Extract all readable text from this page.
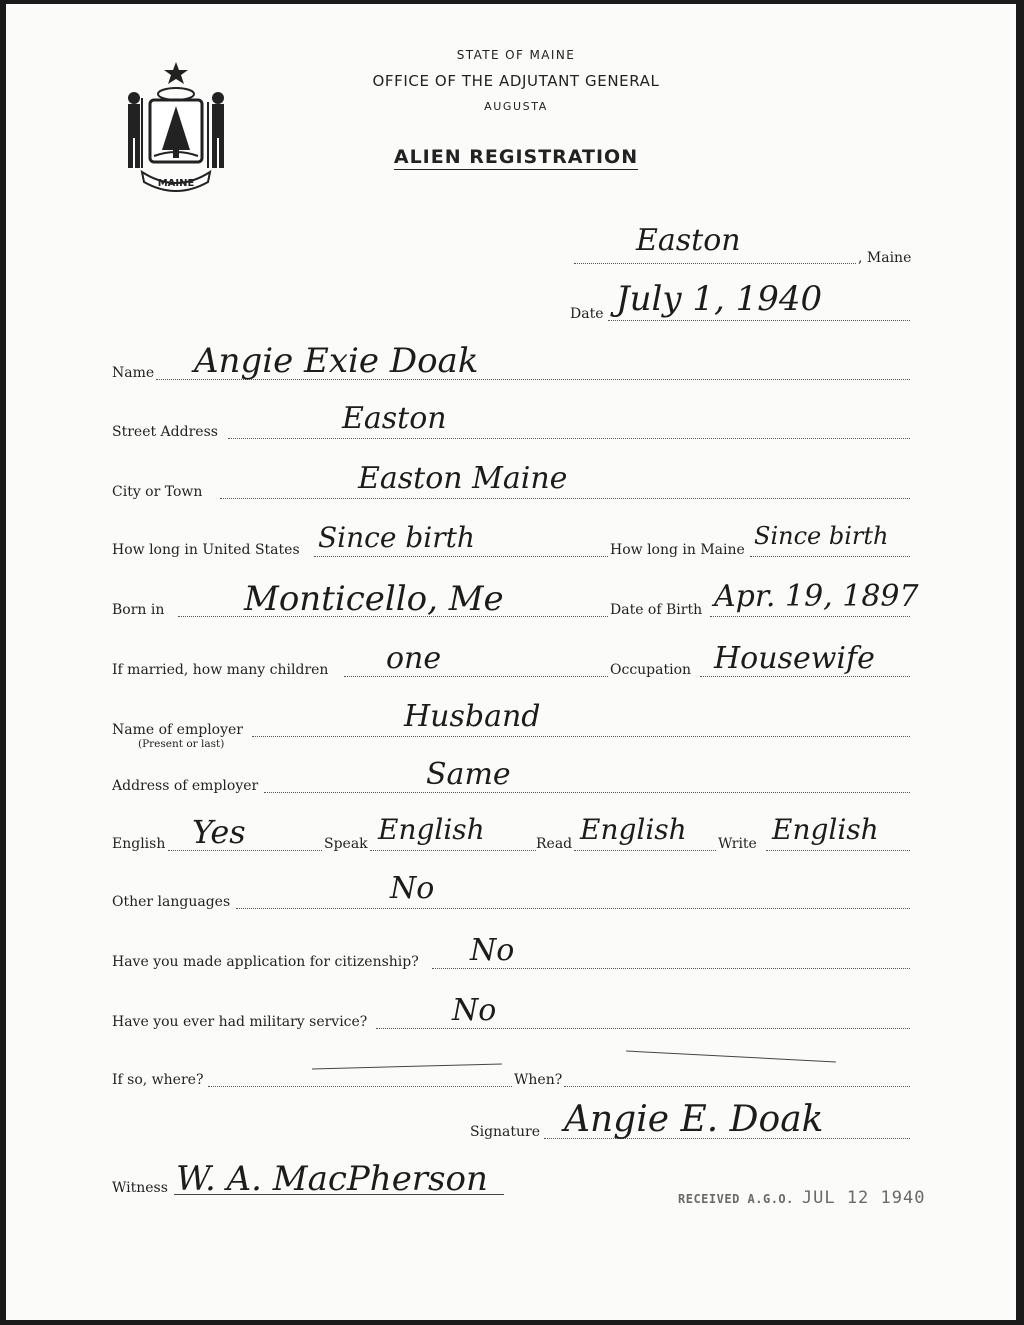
MAINE
STATE OF MAINE
OFFICE OF THE ADJUTANT GENERAL
AUGUSTA
ALIEN REGISTRATION
, Maine
Easton
Date July 1, 1940
Name Angie Exie Doak
Street Address	Easton
City or Town	Easton Maine
How long in United States Since birth	How long in Maine Since birth
Born in Monticello, Me	Date of Birth Apr. 19, 1897
If married, how many children one	Occupation Housewife
Name of employer
(Present or last)
Husband
Address of employer	Same
English Yes	Speak English	Read English Write English
Other languages	No
Have you made application for citizenship? No
Have you ever had military service?	No
If so, where?	When?
Signature Angie E. Doak
Witness W. A. MacPherson	RECEIVED A.G.O. JUL 12 1940
